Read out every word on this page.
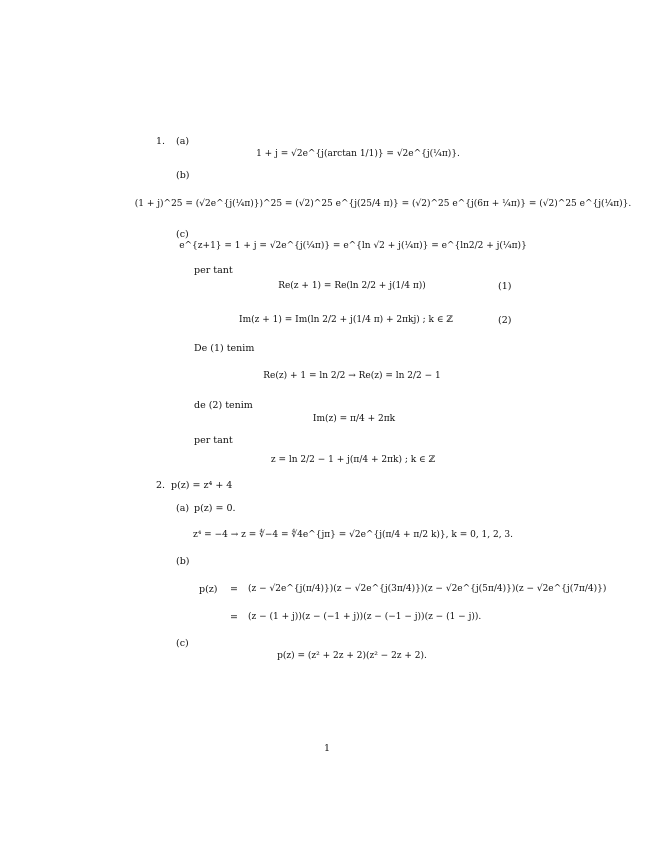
1. (a)
1 + j = √2e^{j(arctan 1/1)} = √2e^{j(¼π)}.
(b)
(1 + j)^25 = (√2e^{j(¼π)})^25 = (√2)^25 e^{j(25/4 π)} = (√2)^25 e^{j(6π + ¼π)} = (√2)^25 e^{j(¼π)}.
(c)
e^{z+1} = 1 + j = √2e^{j(¼π)} = e^{ln √2 + j(¼π)} = e^{ln2/2 + j(¼π)}
per tant
Re(z + 1) = Re(ln 2/2 + j(1/4 π))	(1)
Im(z + 1) = Im(ln 2/2 + j(1/4 π) + 2πkj) ; k ∈ ℤ	(2)
De (1) tenim
Re(z) + 1 = ln 2/2 → Re(z) = ln 2/2 − 1
de (2) tenim
Im(z) = π/4 + 2πk
per tant
z = ln 2/2 − 1 + j(π/4 + 2πk) ; k ∈ ℤ
2. p(z) = z⁴ + 4
(a) p(z) = 0.
z⁴ = −4 → z = ∜−4 = ∜4e^{jπ} = √2e^{j(π/4 + π/2 k)}, k = 0, 1, 2, 3.
(b)
p(z) = (z − √2e^{j(π/4)})(z − √2e^{j(3π/4)})(z − √2e^{j(5π/4)})(z − √2e^{j(7π/4)})
= (z − (1 + j))(z − (−1 + j))(z − (−1 − j))(z − (1 − j)).
(c)
p(z) = (z² + 2z + 2)(z² − 2z + 2).
1
